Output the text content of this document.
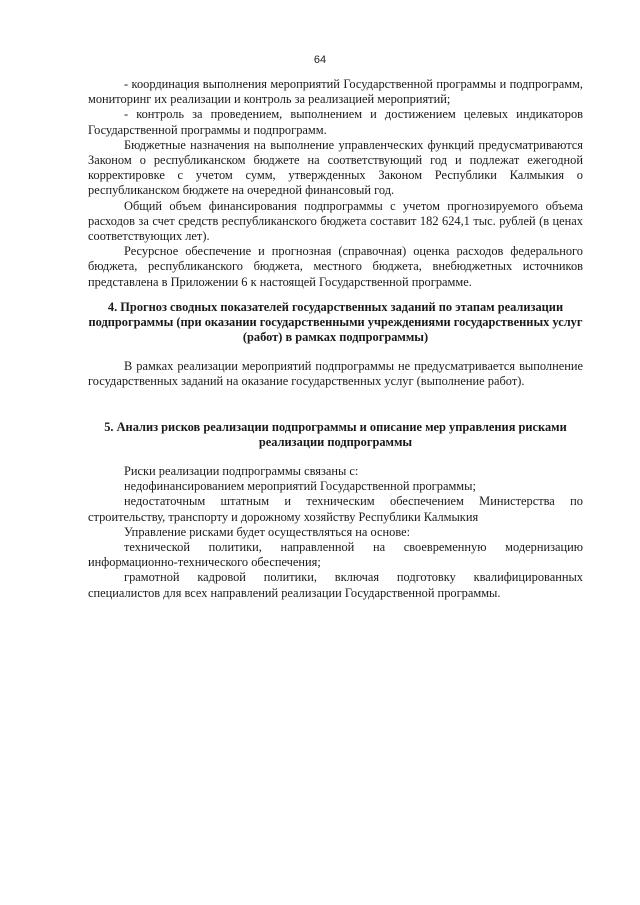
64

- координация выполнения мероприятий Государственной программы и подпрограмм, мониторинг их реализации и контроль за реализацией мероприятий;

- контроль за проведением, выполнением и достижением целевых индикаторов Государственной программы и подпрограмм.

Бюджетные назначения на выполнение управленческих функций предусматриваются Законом о республиканском бюджете на соответствующий год и подлежат ежегодной корректировке с учетом сумм, утвержденных Законом Республики Калмыкия о республиканском бюджете на очередной финансовый год.

Общий объем финансирования подпрограммы с учетом прогнозируемого объема расходов за счет средств республиканского бюджета составит 182 624,1 тыс. рублей (в ценах соответствующих лет).

Ресурсное обеспечение и прогнозная (справочная) оценка расходов федерального бюджета, республиканского бюджета, местного бюджета, внебюджетных источников представлена в Приложении 6 к настоящей Государственной программе.

4. Прогноз сводных показателей государственных заданий по этапам реализации подпрограммы (при оказании государственными учреждениями государственных услуг (работ) в рамках подпрограммы)

В рамках реализации мероприятий подпрограммы не предусматривается выполнение государственных заданий на оказание государственных услуг (выполнение работ).

5. Анализ рисков реализации подпрограммы и описание мер управления рисками реализации подпрограммы

Риски реализации подпрограммы связаны с:

недофинансированием мероприятий Государственной программы;

недостаточным штатным и техническим обеспечением Министерства по строительству, транспорту и дорожному хозяйству Республики Калмыкия

Управление рисками будет осуществляться на основе:

технической политики, направленной на своевременную модернизацию информационно-технического обеспечения;

грамотной кадровой политики, включая подготовку квалифицированных специалистов для всех направлений реализации Государственной программы.
